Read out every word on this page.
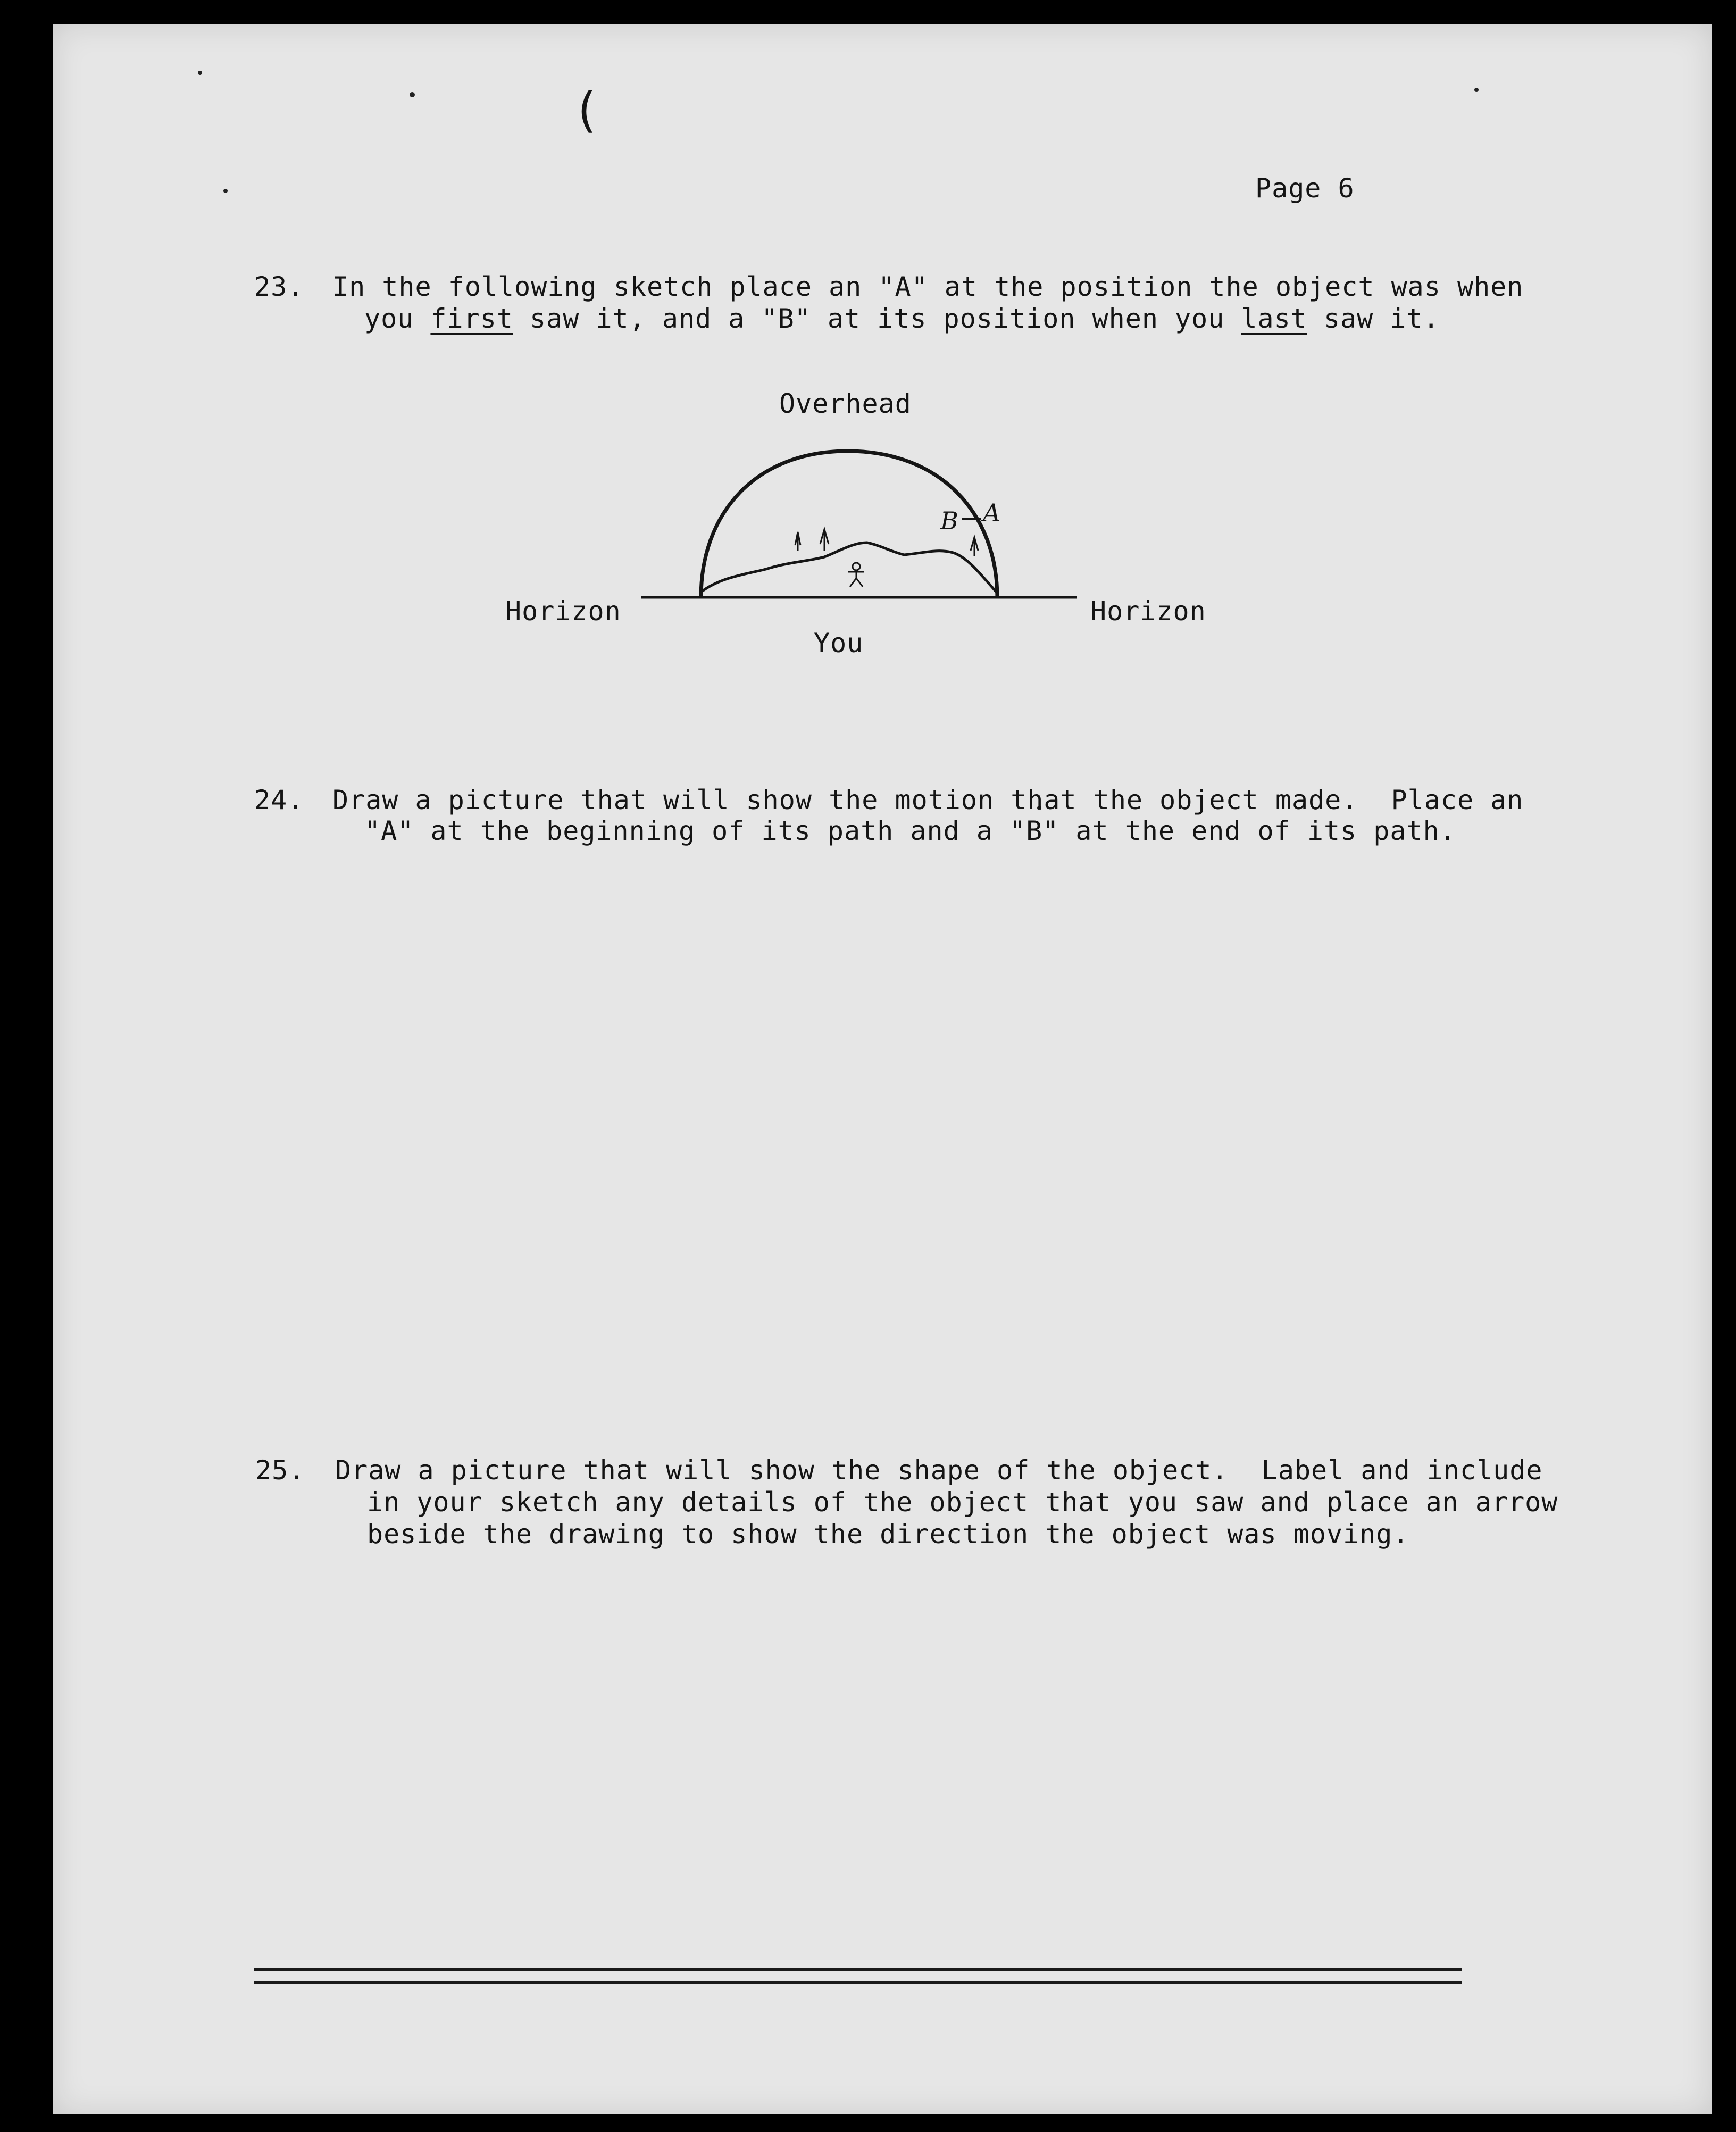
(
Page 6
23. In the following sketch place an "A" at the position the object was when
you first saw it, and a "B" at its position when you last saw it.
Overhead
Horizon	Horizon
You
B A
24. Draw a picture that will show the motion that the object made.  Place an
"A" at the beginning of its path and a "B" at the end of its path.
25. Draw a picture that will show the shape of the object.  Label and include
in your sketch any details of the object that you saw and place an arrow
beside the drawing to show the direction the object was moving.
